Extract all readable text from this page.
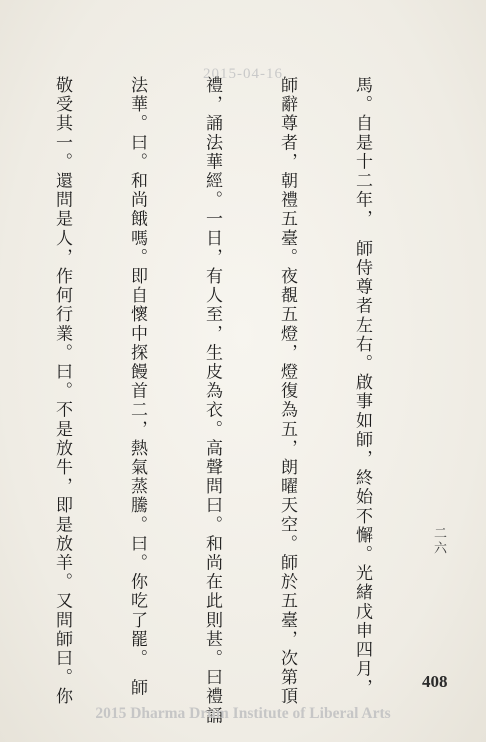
2015-04-16

馬。自是十二年，　師侍尊者左右。啟事如師，終始不懈。光緒戊申四月，

師辭尊者，朝禮五臺。夜覩五燈，燈復為五，朗曜天空。師於五臺，次第頂

禮，誦法華經。一日，有人至，生皮為衣。高聲問曰。和尚在此則甚。曰禮誦

法華。曰。和尚餓嗎。即自懷中探饅首二，熱氣蒸騰。曰。你吃了罷。　師

敬受其一。還問是人，作何行業。曰。不是放牛，即是放羊。又問師曰。你

	二六
408
2015 Dharma Drum Institute of Liberal Arts
